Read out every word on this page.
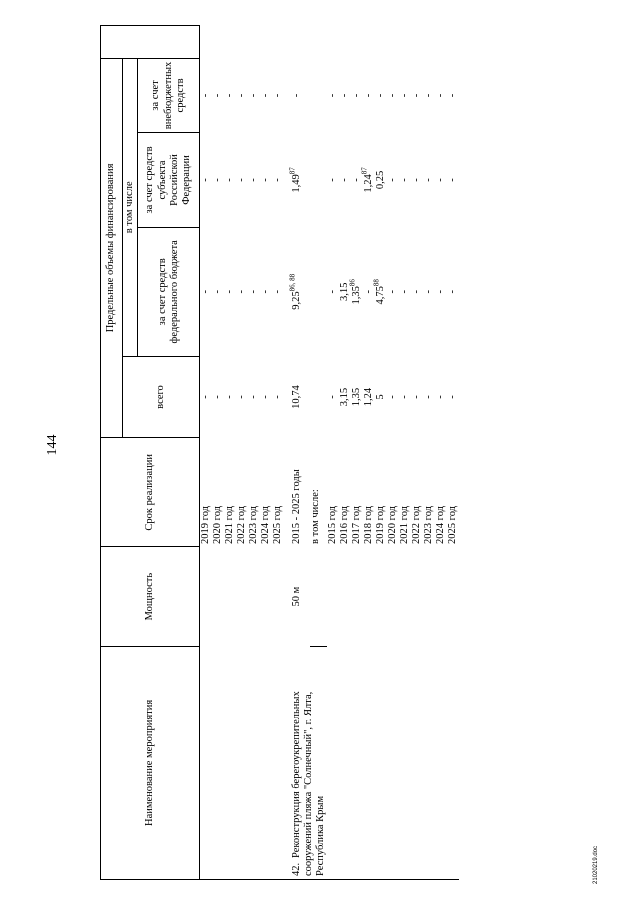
144
21020219.doc
Наименование мероприятия	Мощность	Срок реализации	Предельные объемы финансирования				
			всего	в том числе			
				за счет средств федерального бюджета	за счет средств субъекта Российской Федерации	за счет внебюджетных средств	
		2019 год	-	-	-	-	
		2020 год	-	-	-	-	
		2021 год	-	-	-	-	
		2022 год	-	-	-	-	
		2023 год	-	-	-	-	
		2024 год	-	-	-	-	
		2025 год	-	-	-	-	
42.Реконструкция берегоукрепительных сооружений пляжа "Солнечный", г. Ялта, Республика Крым	50 м	2015 - 2025 годы	10,74	9,25$^{86, 88}$	1,49$^{87}$	-	
		в том числе:					
		2015 год	-	-	-	-	
		2016 год	3,15	3,15	-	-	
		2017 год	1,35	1,35$^{86}$	-	-	
		2018 год	1,24	-	1,24$^{87}$	-	
		2019 год	5	4,75$^{88}$	0,25	-	
		2020 год	-	-	-	-	
		2021 год	-	-	-	-	
		2022 год	-	-	-	-	
		2023 год	-	-	-	-	
		2024 год	-	-	-	-	
		2025 год	-	-	-	-	
